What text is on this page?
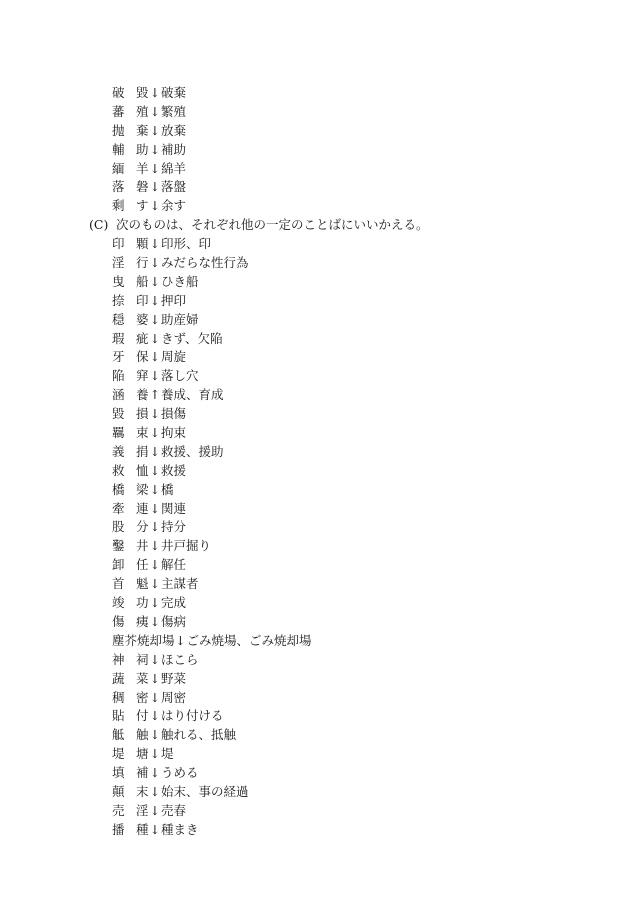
破 毀↓破棄
蕃 殖↓繁殖
抛 棄↓放棄
輔 助↓補助
緬 羊↓綿羊
落 磐↓落盤
剩 す↓余す
(C) 次のものは、それぞれ他の一定のことばにいいかえる。
印 顆↓印形、印
淫 行↓みだらな性行為
曳 船↓ひき船
捺 印↓押印
穏 婆↓助産婦
瑕 疵↓きず、欠陥
牙 保↓周旋
陥 穽↓落し穴
涵 養↑養成、育成
毀 損↓損傷
羈 束↓拘束
義 捐↓救援、援助
救 恤↓救援
橋 梁↓橋
牽 連↓関連
股 分↓持分
鑿 井↓井戸掘り
卸 任↓解任
首 魁↓主謀者
竣 功↓完成
傷 痍↓傷病
塵芥焼却場↓ごみ焼場、ごみ焼却場
神 祠↓ほこら
蔬 菜↓野菜
稠 密↓周密
貼 付↓はり付ける
觝 触↓触れる、抵触
堤 塘↓堤
填 補↓うめる
顛 末↓始末、事の経過
売 淫↓売春
播 種↓種まき
